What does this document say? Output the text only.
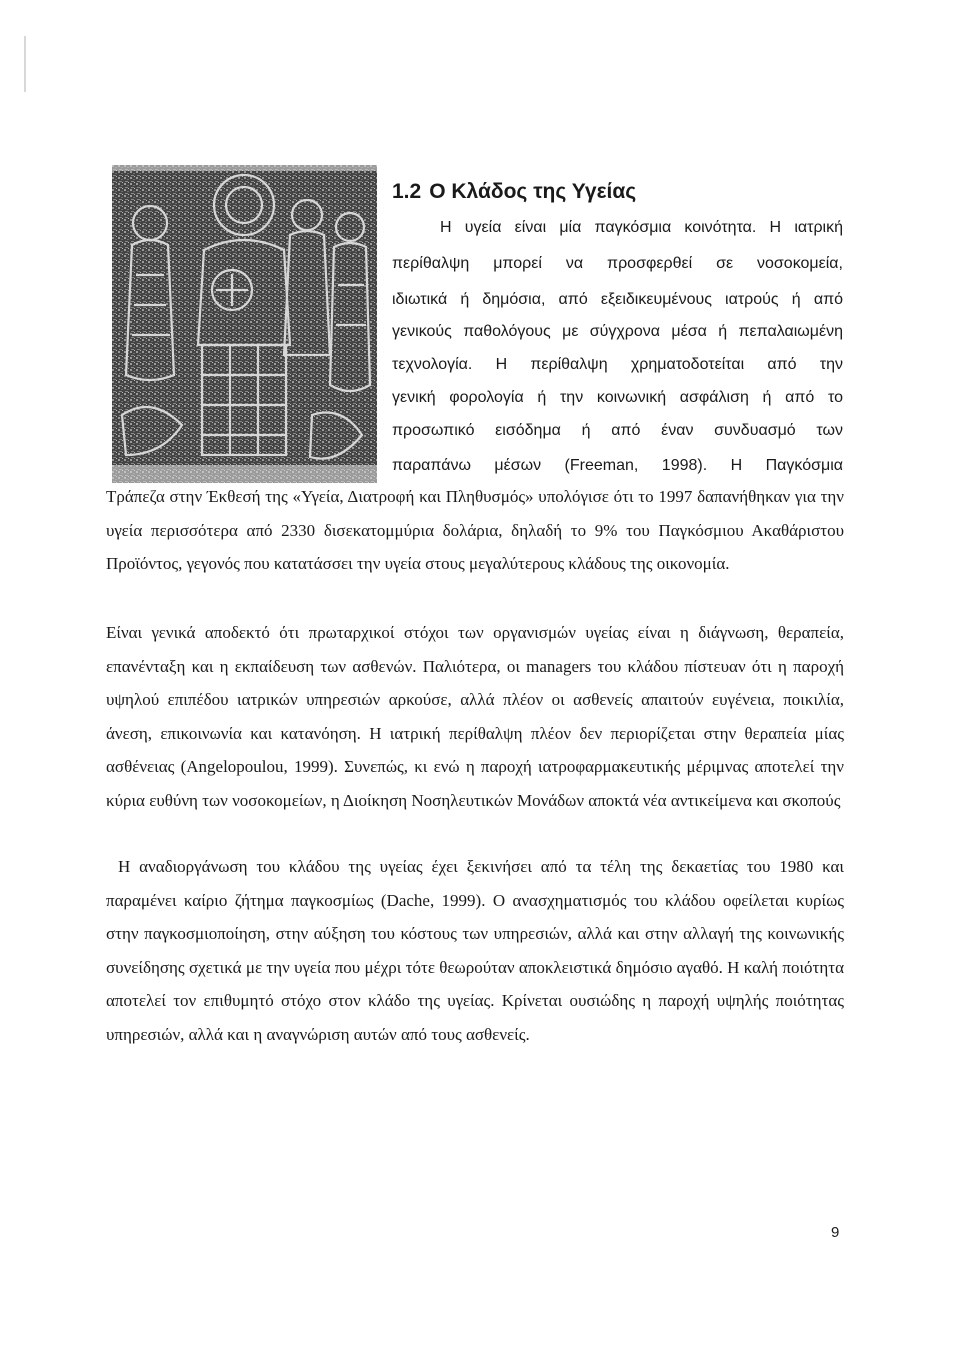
1.2 Ο Κλάδος της Υγείας

Η υγεία είναι μία παγκόσμια κοινότητα. Η ιατρική

περίθαλψη μπορεί να προσφερθεί σε νοσοκομεία,

ιδιωτικά ή δημόσια, από εξειδικευμένους ιατρούς ή από

γενικούς παθολόγους με σύγχρονα μέσα ή πεπαλαιωμένη

τεχνολογία. Η περίθαλψη χρηματοδοτείται από την

γενική φορολογία ή την κοινωνική ασφάλιση ή από το

προσωπικό εισόδημα ή από έναν συνδυασμό των

παραπάνω μέσων (Freeman, 1998). Η Παγκόσμια

Τράπεζα στην Έκθεσή της «Υγεία, Διατροφή και Πληθυσμός» υπολόγισε ότι το 1997 δαπανήθηκαν για την υγεία περισσότερα από 2330 δισεκατομμύρια δολάρια, δηλαδή το 9% του Παγκόσμιου Ακαθάριστου Προϊόντος, γεγονός που κατατάσσει την υγεία στους μεγαλύτερους κλάδους της οικονομία.

Είναι γενικά αποδεκτό ότι πρωταρχικοί στόχοι των οργανισμών υγείας είναι η διάγνωση, θεραπεία, επανένταξη και η εκπαίδευση των ασθενών. Παλιότερα, οι managers του κλάδου πίστευαν ότι η παροχή υψηλού επιπέδου ιατρικών υπηρεσιών αρκούσε, αλλά πλέον οι ασθενείς απαιτούν ευγένεια, ποικιλία, άνεση, επικοινωνία και κατανόηση. Η ιατρική περίθαλψη πλέον δεν περιορίζεται στην θεραπεία μίας ασθένειας (Angelopoulou, 1999). Συνεπώς, κι ενώ η παροχή ιατροφαρμακευτικής μέριμνας αποτελεί την κύρια ευθύνη των νοσοκομείων, η Διοίκηση Νοσηλευτικών Μονάδων αποκτά νέα αντικείμενα και σκοπούς

Η αναδιοργάνωση του κλάδου της υγείας έχει ξεκινήσει από τα τέλη της δεκαετίας του 1980 και παραμένει καίριο ζήτημα παγκοσμίως (Dache, 1999). Ο ανασχηματισμός του κλάδου οφείλεται κυρίως στην παγκοσμιοποίηση, στην αύξηση του κόστους των υπηρεσιών, αλλά και στην αλλαγή της κοινωνικής συνείδησης σχετικά με την υγεία που μέχρι τότε θεωρούταν αποκλειστικά δημόσιο αγαθό. Η καλή ποιότητα αποτελεί τον επιθυμητό στόχο στον κλάδο της υγείας. Κρίνεται ουσιώδης η παροχή υψηλής ποιότητας υπηρεσιών, αλλά και η αναγνώριση αυτών από τους ασθενείς.

9
